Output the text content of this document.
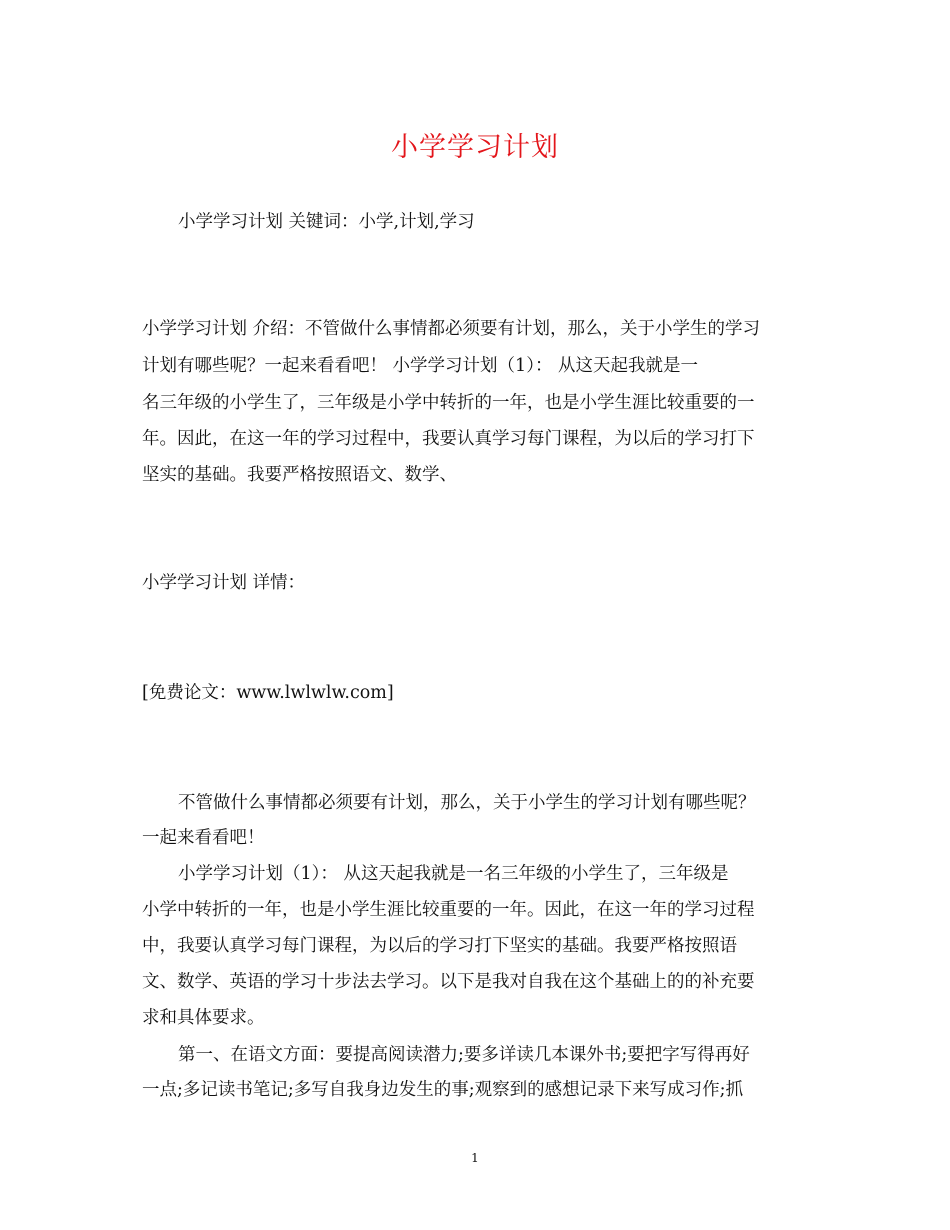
小学学习计划
小学学习计划 关键词：小学,计划,学习
小学学习计划 介绍：不管做什么事情都必须要有计划，那么，关于小学生的学习
计划有哪些呢？一起来看看吧！ 小学学习计划（1）： 从这天起我就是一
名三年级的小学生了，三年级是小学中转折的一年，也是小学生涯比较重要的一
年。因此，在这一年的学习过程中，我要认真学习每门课程，为以后的学习打下
坚实的基础。我要严格按照语文、数学、
小学学习计划 详情：
[免费论文：www.lwlwlw.com]
不管做什么事情都必须要有计划，那么，关于小学生的学习计划有哪些呢？
一起来看看吧！
小学学习计划（1）： 从这天起我就是一名三年级的小学生了，三年级是
小学中转折的一年，也是小学生涯比较重要的一年。因此，在这一年的学习过程
中，我要认真学习每门课程，为以后的学习打下坚实的基础。我要严格按照语
文、数学、英语的学习十步法去学习。以下是我对自我在这个基础上的的补充要
求和具体要求。
第一、在语文方面：要提高阅读潜力;要多详读几本课外书;要把字写得再好
一点;多记读书笔记;多写自我身边发生的事;观察到的感想记录下来写成习作;抓
1
